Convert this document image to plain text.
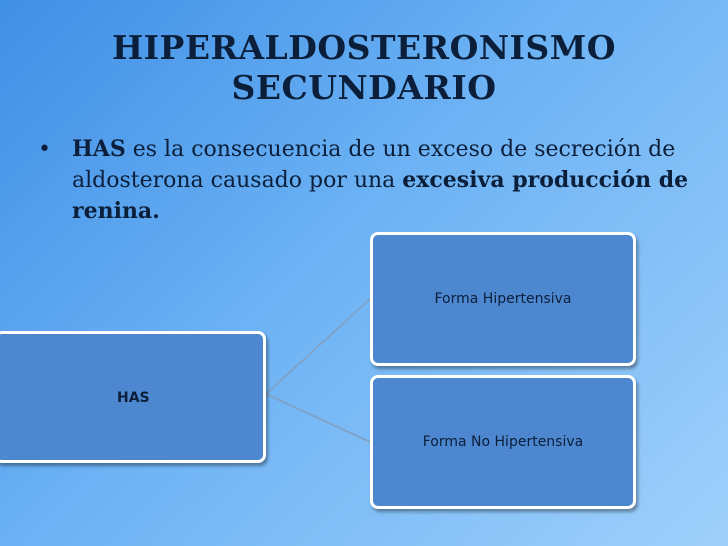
HIPERALDOSTERONISMO
SECUNDARIO
• HAS es la consecuencia de un exceso de secreción de aldosterona causado por una excesiva producción de renina.
HAS
Forma Hipertensiva
Forma No Hipertensiva
